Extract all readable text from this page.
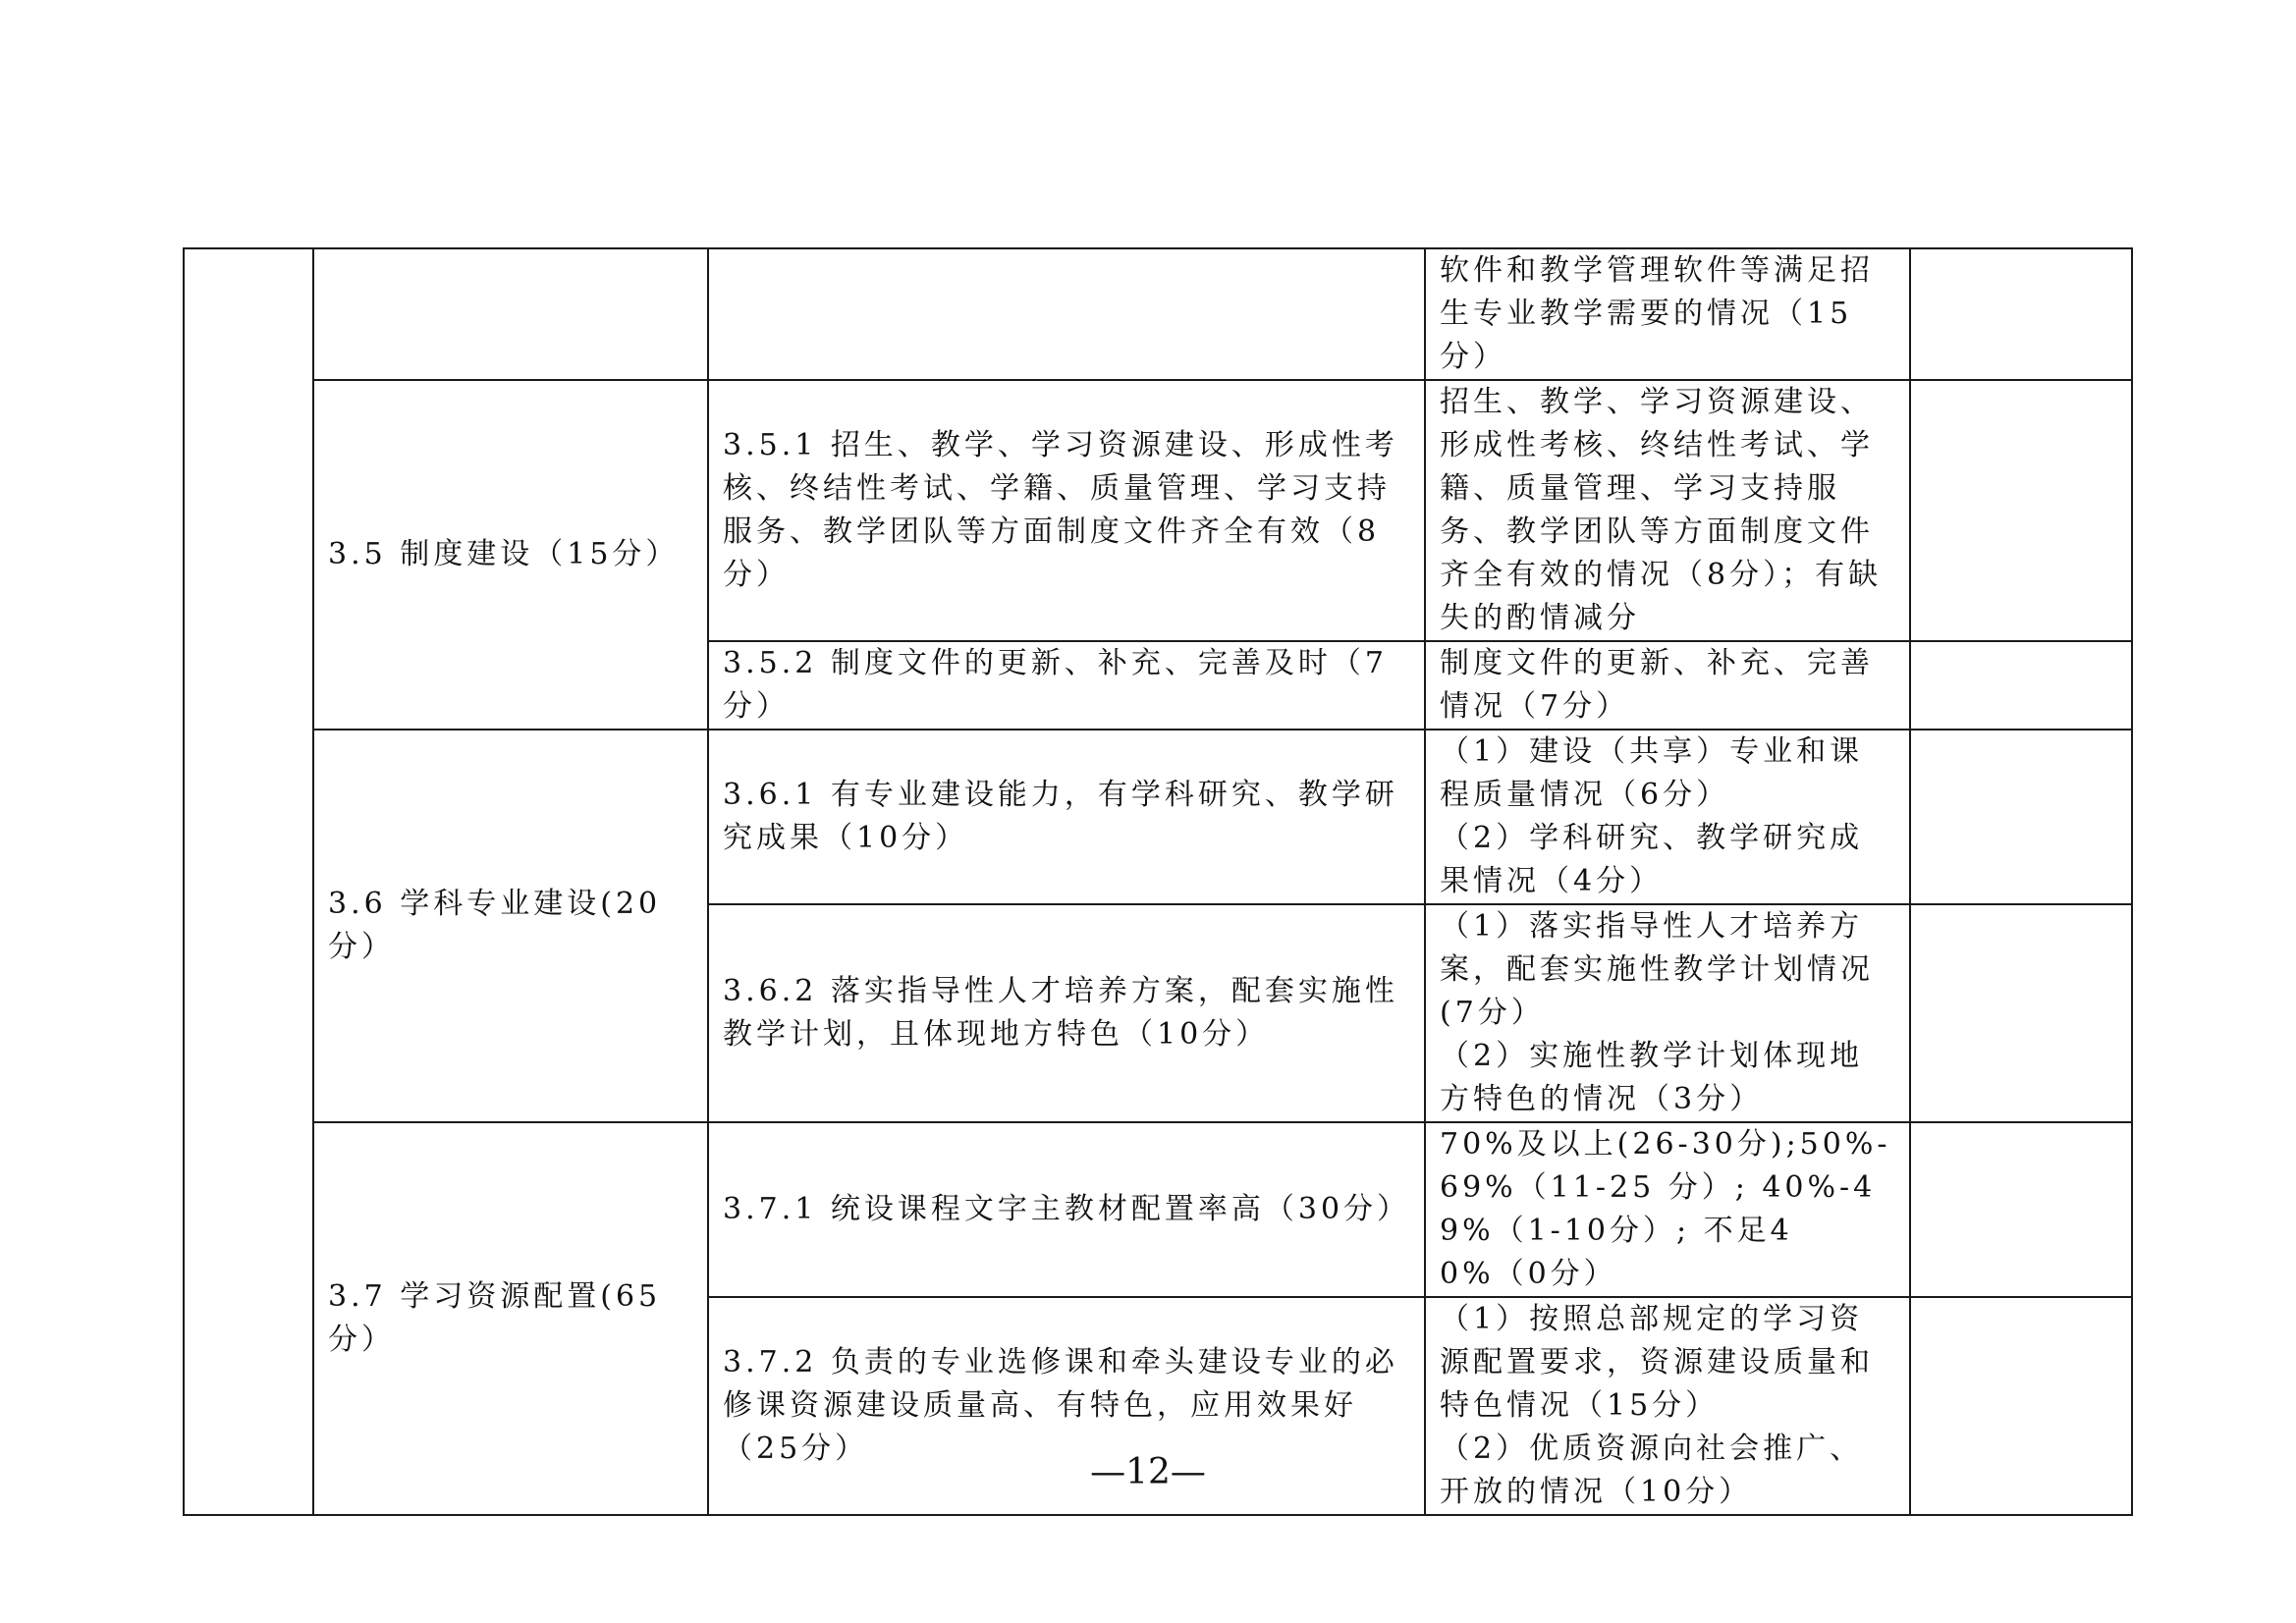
			软件和教学管理软件等满足招生专业教学需要的情况（15分）	
	3.5 制度建设（15分）	3.5.1 招生、教学、学习资源建设、形成性考核、终结性考试、学籍、质量管理、学习支持服务、教学团队等方面制度文件齐全有效（8分）	招生、教学、学习资源建设、形成性考核、终结性考试、学籍、质量管理、学习支持服务、教学团队等方面制度文件齐全有效的情况（8分）；有缺失的酌情减分	
		3.5.2 制度文件的更新、补充、完善及时（7分）	制度文件的更新、补充、完善情况（7分）	
	3.6 学科专业建设(20分）	3.6.1 有专业建设能力，有学科研究、教学研究成果（10分）	（1）建设（共享）专业和课程质量情况（6分）
（2）学科研究、教学研究成果情况（4分）	

		3.6.2 落实指导性人才培养方案，配套实施性教学计划，且体现地方特色（10分）	（1）落实指导性人才培养方案，配套实施性教学计划情况(7分）
（2）实施性教学计划体现地方特色的情况（3分）	

	3.7 学习资源配置(65分）	3.7.1 统设课程文字主教材配置率高（30分）	70%及以上(26-30分);50%-69%（11-25 分）; 40%-49%（1-10分）; 不足40%（0分）	
		3.7.2 负责的专业选修课和牵头建设专业的必修课资源建设质量高、有特色，应用效果好（25分）	（1）按照总部规定的学习资源配置要求，资源建设质量和特色情况（15分）
（2）优质资源向社会推广、开放的情况（10分）	

—12—
